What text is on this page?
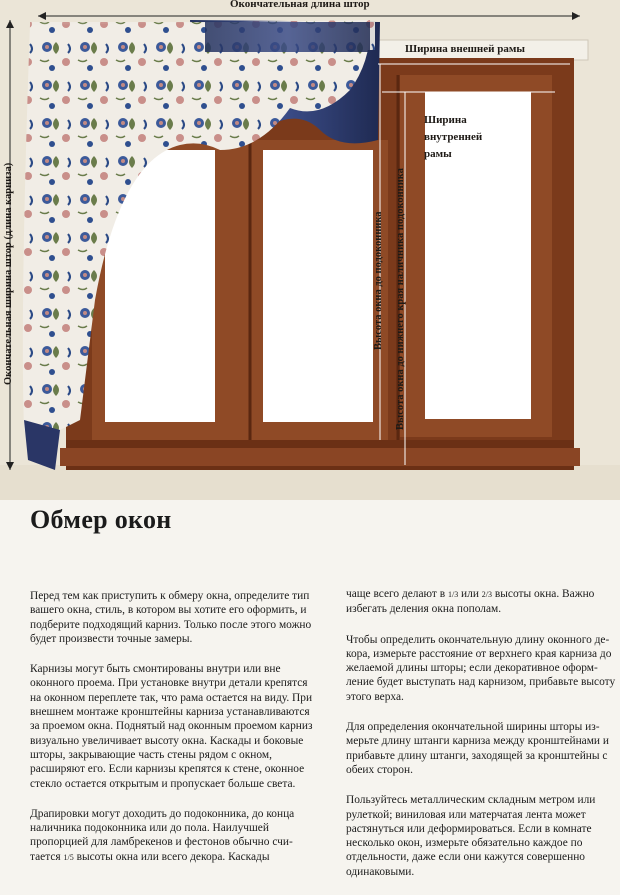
Окончательная длина штор
Ширина внешней рамы
Ширина внутренней рамы
Окончательная ширина штор (длина карниза)	Высота окна до подоконника Высота окна до нижнего края наличника подоконника
Обмер окон

Перед тем как приступить к обмеру окна, определите тип вашего окна, стиль, в котором вы хотите его оформить, и подберите подходящий карниз. Только после этого можно будет произвести точные замеры.

Карнизы могут быть смонтированы внутри или вне оконного проема. При установке внутри детали крепятся на оконном переплете так, что рама остается на виду. При внешнем монтаже кронштейны карниза устанавливаются за проемом окна. Поднятый над оконным проемом карниз визуально увеличивает высоту окна. Каскады и боковые шторы, закрывающие часть стены рядом с окном, расширяют его. Если карнизы крепятся к стене, оконное стекло остается открытым и пропускает больше света.

Драпировки могут доходить до подоконника, до конца наличника подоконника или до пола. Наилучшей пропорцией для ламбрекенов и фестонов обычно считается 1/5 высоты окна или всего декора. Каскады

чаще всего делают в 1/3 или 2/3 высоты окна. Важно избегать деления окна пополам.

Чтобы определить окончательную длину оконного декора, измерьте расстояние от верхнего края карниза до желаемой длины шторы; если декоративное оформление будет выступать над карнизом, прибавьте высоту этого верха.

Для определения окончательной ширины шторы измерьте длину штанги карниза между кронштейнами и прибавьте длину штанги, заходящей за кронштейны с обеих сторон.

Пользуйтесь металлическим складным метром или рулеткой; виниловая или матерчатая лента может растянуться или деформироваться. Если в комнате несколько окон, измерьте обязательно каждое по отдельности, даже если они кажутся совершенно одинаковыми.
